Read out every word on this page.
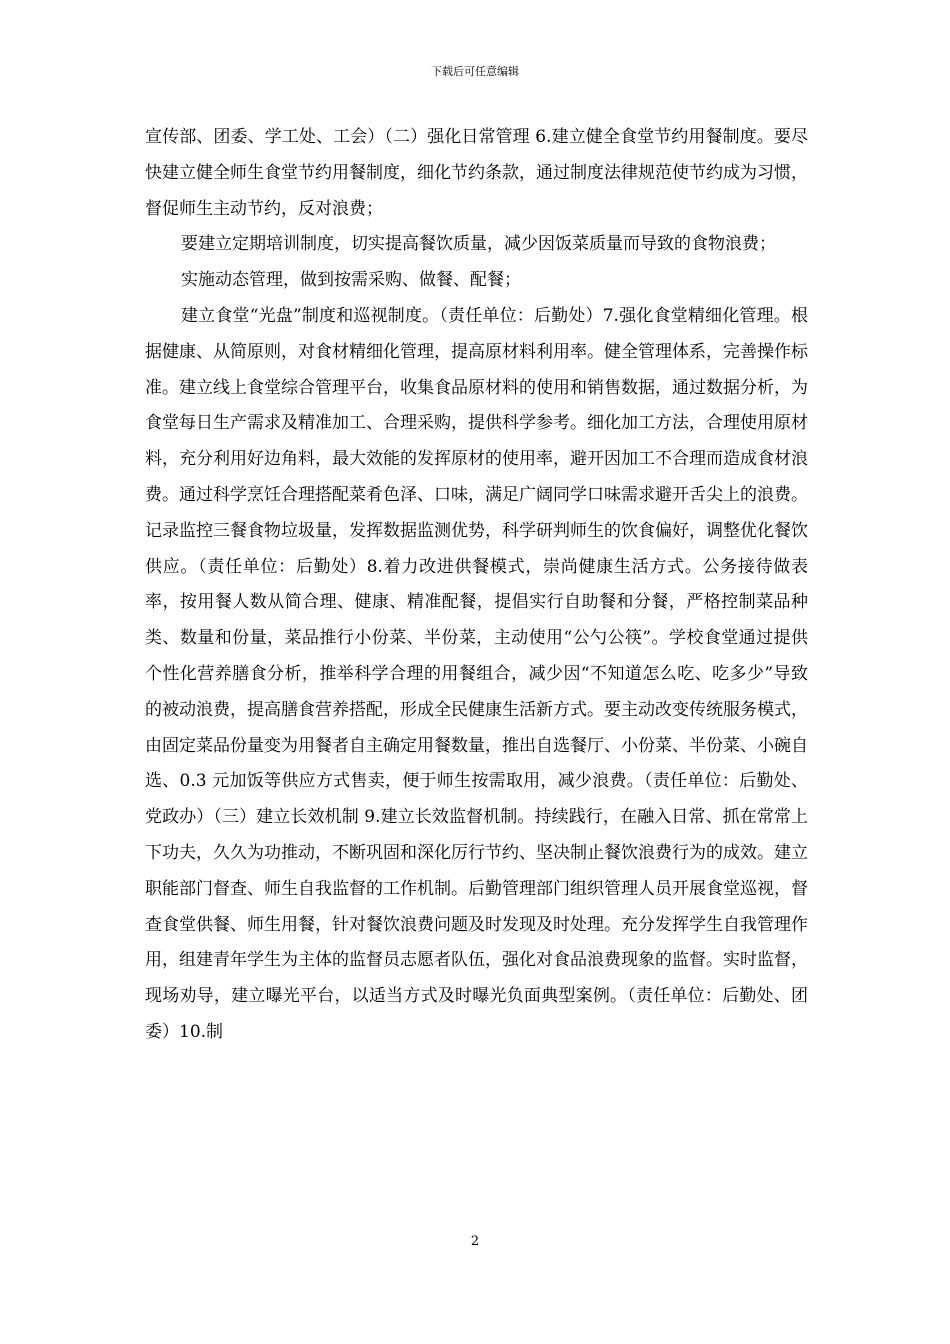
下载后可任意编辑

宣传部、团委、学工处、工会）（二）强化日常管理 6.建立健全食堂节约用餐制度。要尽快建立健全师生食堂节约用餐制度，细化节约条款，通过制度法律规范使节约成为习惯，督促师生主动节约，反对浪费；

要建立定期培训制度，切实提高餐饮质量，减少因饭菜质量而导致的食物浪费；

实施动态管理，做到按需采购、做餐、配餐；

建立食堂“光盘”制度和巡视制度。（责任单位：后勤处）7.强化食堂精细化管理。根据健康、从简原则，对食材精细化管理，提高原材料利用率。健全管理体系，完善操作标准。建立线上食堂综合管理平台，收集食品原材料的使用和销售数据，通过数据分析，为食堂每日生产需求及精准加工、合理采购，提供科学参考。细化加工方法，合理使用原材料，充分利用好边角料，最大效能的发挥原材的使用率，避开因加工不合理而造成食材浪费。通过科学烹饪合理搭配菜肴色泽、口味，满足广阔同学口味需求避开舌尖上的浪费。记录监控三餐食物垃圾量，发挥数据监测优势，科学研判师生的饮食偏好，调整优化餐饮供应。（责任单位：后勤处）8.着力改进供餐模式，崇尚健康生活方式。公务接待做表率，按用餐人数从简合理、健康、精准配餐，提倡实行自助餐和分餐，严格控制菜品种类、数量和份量，菜品推行小份菜、半份菜，主动使用“公勺公筷”。学校食堂通过提供个性化营养膳食分析，推举科学合理的用餐组合，减少因“不知道怎么吃、吃多少”导致的被动浪费，提高膳食营养搭配，形成全民健康生活新方式。要主动改变传统服务模式，由固定菜品份量变为用餐者自主确定用餐数量，推出自选餐厅、小份菜、半份菜、小碗自选、0.3 元加饭等供应方式售卖，便于师生按需取用，减少浪费。（责任单位：后勤处、党政办）（三）建立长效机制 9.建立长效监督机制。持续践行，在融入日常、抓在常常上下功夫，久久为功推动，不断巩固和深化厉行节约、坚决制止餐饮浪费行为的成效。建立职能部门督查、师生自我监督的工作机制。后勤管理部门组织管理人员开展食堂巡视，督查食堂供餐、师生用餐，针对餐饮浪费问题及时发现及时处理。充分发挥学生自我管理作用，组建青年学生为主体的监督员志愿者队伍，强化对食品浪费现象的监督。实时监督，现场劝导，建立曝光平台，以适当方式及时曝光负面典型案例。（责任单位：后勤处、团委）10.制

2
